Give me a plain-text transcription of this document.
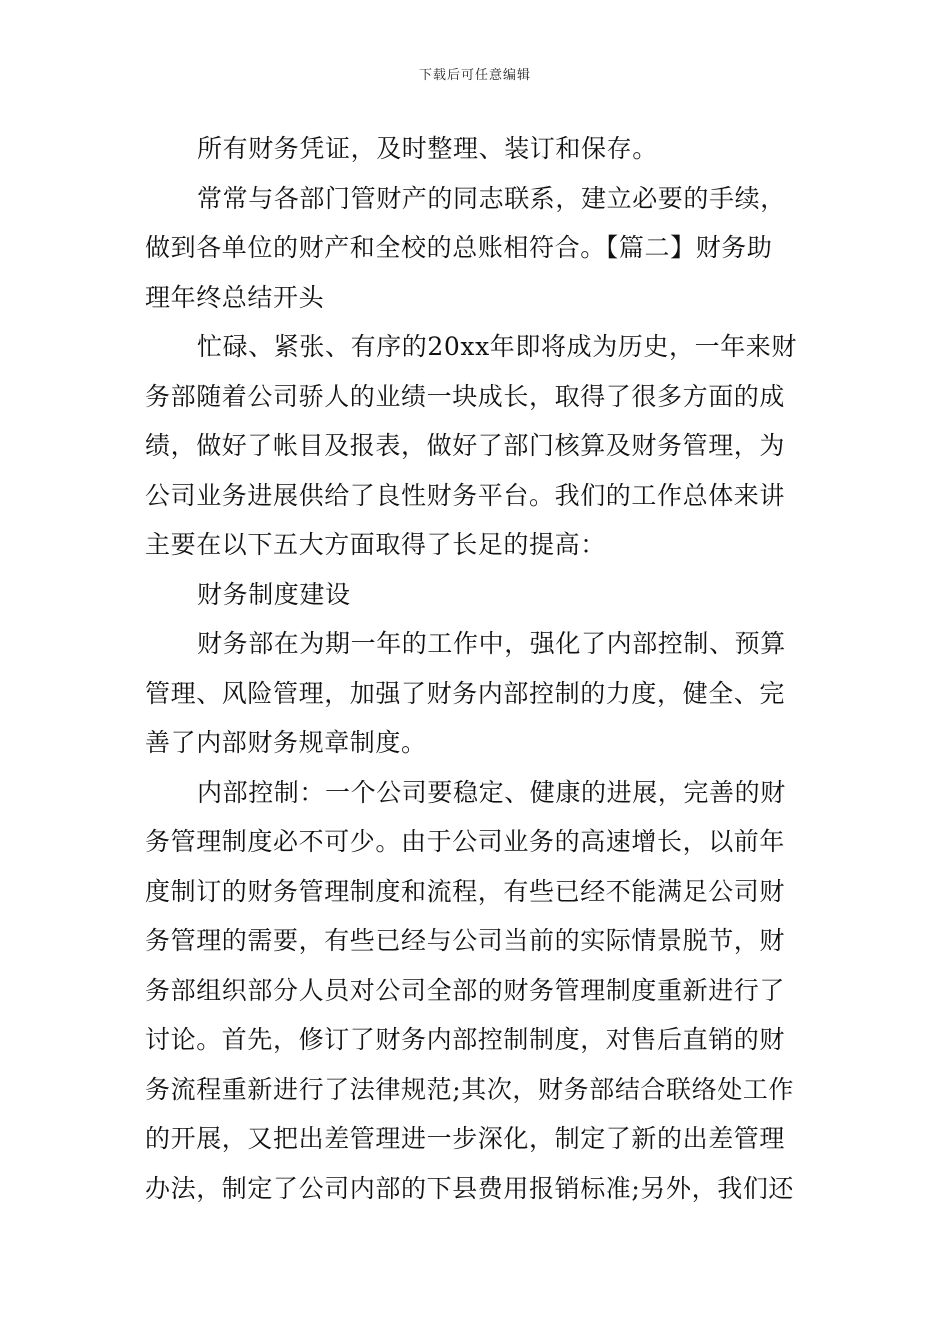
下载后可任意编辑

所有财务凭证，及时整理、装订和保存。

常常与各部门管财产的同志联系，建立必要的手续，
做到各单位的财产和全校的总账相符合。【篇二】财务助
理年终总结开头

忙碌、紧张、有序的20xx年即将成为历史，一年来财
务部随着公司骄人的业绩一块成长，取得了很多方面的成
绩，做好了帐目及报表，做好了部门核算及财务管理，为
公司业务进展供给了良性财务平台。我们的工作总体来讲
主要在以下五大方面取得了长足的提高：

财务制度建设

财务部在为期一年的工作中，强化了内部控制、预算
管理、风险管理，加强了财务内部控制的力度，健全、完
善了内部财务规章制度。

内部控制：一个公司要稳定、健康的进展，完善的财
务管理制度必不可少。由于公司业务的高速增长，以前年
度制订的财务管理制度和流程，有些已经不能满足公司财
务管理的需要，有些已经与公司当前的实际情景脱节，财
务部组织部分人员对公司全部的财务管理制度重新进行了
讨论。首先，修订了财务内部控制制度，对售后直销的财
务流程重新进行了法律规范;其次，财务部结合联络处工作
的开展，又把出差管理进一步深化，制定了新的出差管理
办法，制定了公司内部的下县费用报销标准;另外，我们还
